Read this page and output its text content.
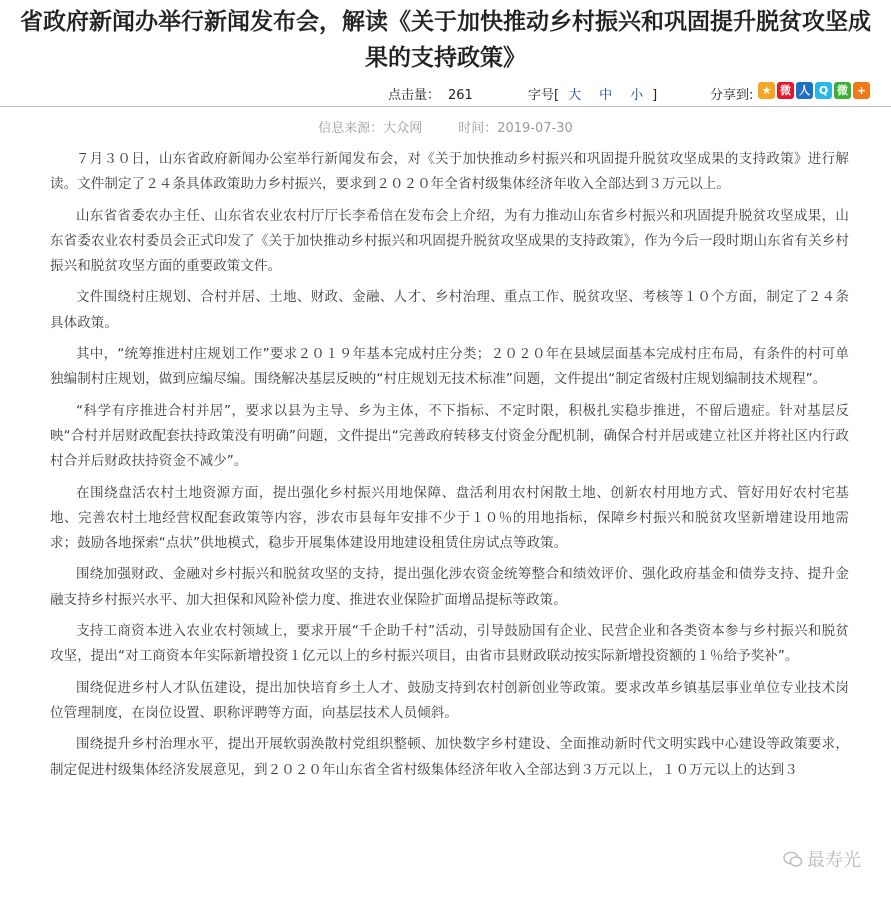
省政府新闻办举行新闻发布会，解读《关于加快推动乡村振兴和巩固提升脱贫攻坚成果的支持政策》
点击量： 261	字号[ 大 中 小 ]	分享到: ★ 微 人 Q 微 +
信息来源：大众网	时间：2019-07-30

７月３０日，山东省政府新闻办公室举行新闻发布会，对《关于加快推动乡村振兴和巩固提升脱贫攻坚成果的支持政策》进行解读。文件制定了２４条具体政策助力乡村振兴，要求到２０２０年全省村级集体经济年收入全部达到３万元以上。

山东省省委农办主任、山东省农业农村厅厅长李希信在发布会上介绍，为有力推动山东省乡村振兴和巩固提升脱贫攻坚成果，山东省委农业农村委员会正式印发了《关于加快推动乡村振兴和巩固提升脱贫攻坚成果的支持政策》，作为今后一段时期山东省有关乡村振兴和脱贫攻坚方面的重要政策文件。

文件围绕村庄规划、合村并居、土地、财政、金融、人才、乡村治理、重点工作、脱贫攻坚、考核等１０个方面，制定了２４条具体政策。

其中，“统筹推进村庄规划工作”要求２０１９年基本完成村庄分类；２０２０年在县域层面基本完成村庄布局，有条件的村可单独编制村庄规划，做到应编尽编。围绕解决基层反映的“村庄规划无技术标准”问题，文件提出“制定省级村庄规划编制技术规程”。

“科学有序推进合村并居”，要求以县为主导、乡为主体，不下指标、不定时限，积极扎实稳步推进，不留后遗症。针对基层反映“合村并居财政配套扶持政策没有明确”问题，文件提出“完善政府转移支付资金分配机制，确保合村并居或建立社区并将社区内行政村合并后财政扶持资金不减少”。

在围绕盘活农村土地资源方面，提出强化乡村振兴用地保障、盘活利用农村闲散土地、创新农村用地方式、管好用好农村宅基地、完善农村土地经营权配套政策等内容，涉农市县每年安排不少于１０％的用地指标，保障乡村振兴和脱贫攻坚新增建设用地需求；鼓励各地探索“点状”供地模式，稳步开展集体建设用地建设租赁住房试点等政策。

围绕加强财政、金融对乡村振兴和脱贫攻坚的支持，提出强化涉农资金统筹整合和绩效评价、强化政府基金和债券支持、提升金融支持乡村振兴水平、加大担保和风险补偿力度、推进农业保险扩面增品提标等政策。

支持工商资本进入农业农村领域上，要求开展“千企助千村”活动，引导鼓励国有企业、民营企业和各类资本参与乡村振兴和脱贫攻坚，提出“对工商资本年实际新增投资１亿元以上的乡村振兴项目，由省市县财政联动按实际新增投资额的１％给予奖补”。

围绕促进乡村人才队伍建设，提出加快培育乡土人才、鼓励支持到农村创新创业等政策。要求改革乡镇基层事业单位专业技术岗位管理制度，在岗位设置、职称评聘等方面，向基层技术人员倾斜。

围绕提升乡村治理水平，提出开展软弱涣散村党组织整顿、加快数字乡村建设、全面推动新时代文明实践中心建设等政策要求，制定促进村级集体经济发展意见，到２０２０年山东省全省村级集体经济年收入全部达到３万元以上，１０万元以上的达到３

最寿光
